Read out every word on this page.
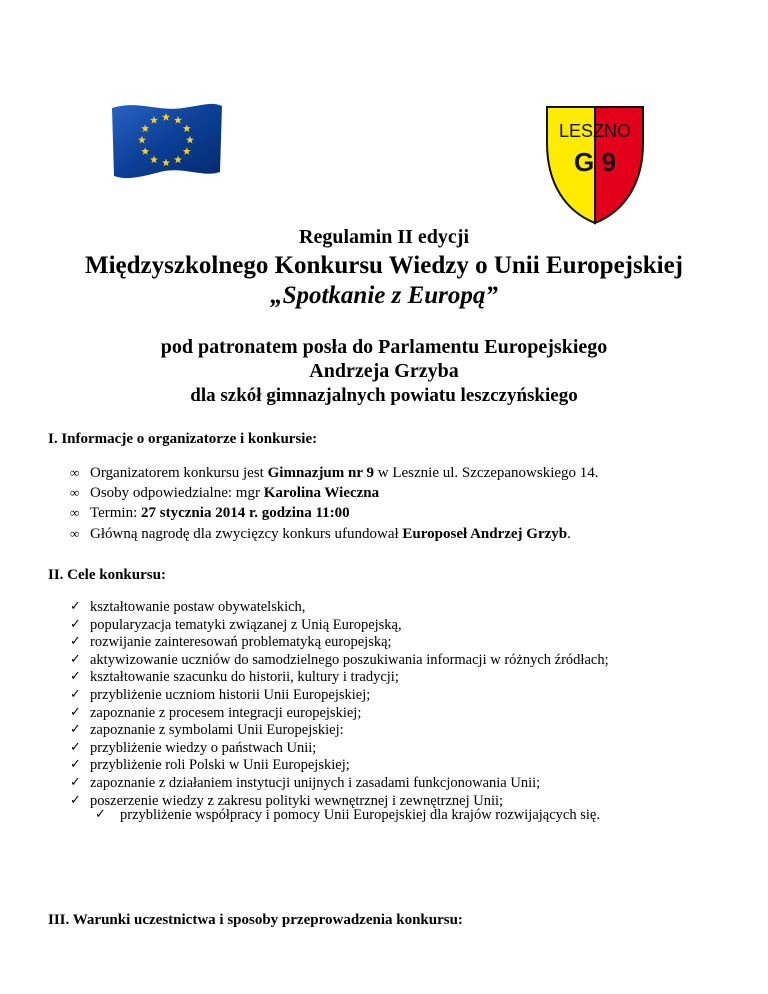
LESZNO
G 9
Regulamin II edycji
Międzyszkolnego Konkursu Wiedzy o Unii Europejskiej
„Spotkanie z Europą”
pod patronatem posła do Parlamentu Europejskiego
Andrzeja Grzyba
dla szkół gimnazjalnych powiatu leszczyńskiego
I. Informacje o organizatorze i konkursie:
∞ Organizatorem konkursu jest Gimnazjum nr 9 w Lesznie ul. Szczepanowskiego 14.
∞ Osoby odpowiedzialne: mgr Karolina Wieczna
∞ Termin: 27 stycznia 2014 r. godzina 11:00
∞ Główną nagrodę dla zwycięzcy konkurs ufundował Europoseł Andrzej Grzyb.
II. Cele konkursu:
✓ kształtowanie postaw obywatelskich,
✓ popularyzacja tematyki związanej z Unią Europejską,
✓ rozwijanie zainteresowań problematyką europejską;
✓ aktywizowanie uczniów do samodzielnego poszukiwania informacji w różnych źródłach;
✓ kształtowanie szacunku do historii, kultury i tradycji;
✓ przybliżenie uczniom historii Unii Europejskiej;
✓ zapoznanie z procesem integracji europejskiej;
✓ zapoznanie z symbolami Unii Europejskiej:
✓ przybliżenie wiedzy o państwach Unii;
✓ przybliżenie roli Polski w Unii Europejskiej;
✓ zapoznanie z działaniem instytucji unijnych i zasadami funkcjonowania Unii;
✓ poszerzenie wiedzy z zakresu polityki wewnętrznej i zewnętrznej Unii;
✓ przybliżenie współpracy i pomocy Unii Europejskiej dla krajów rozwijających się.
III. Warunki uczestnictwa i sposoby przeprowadzenia konkursu:
